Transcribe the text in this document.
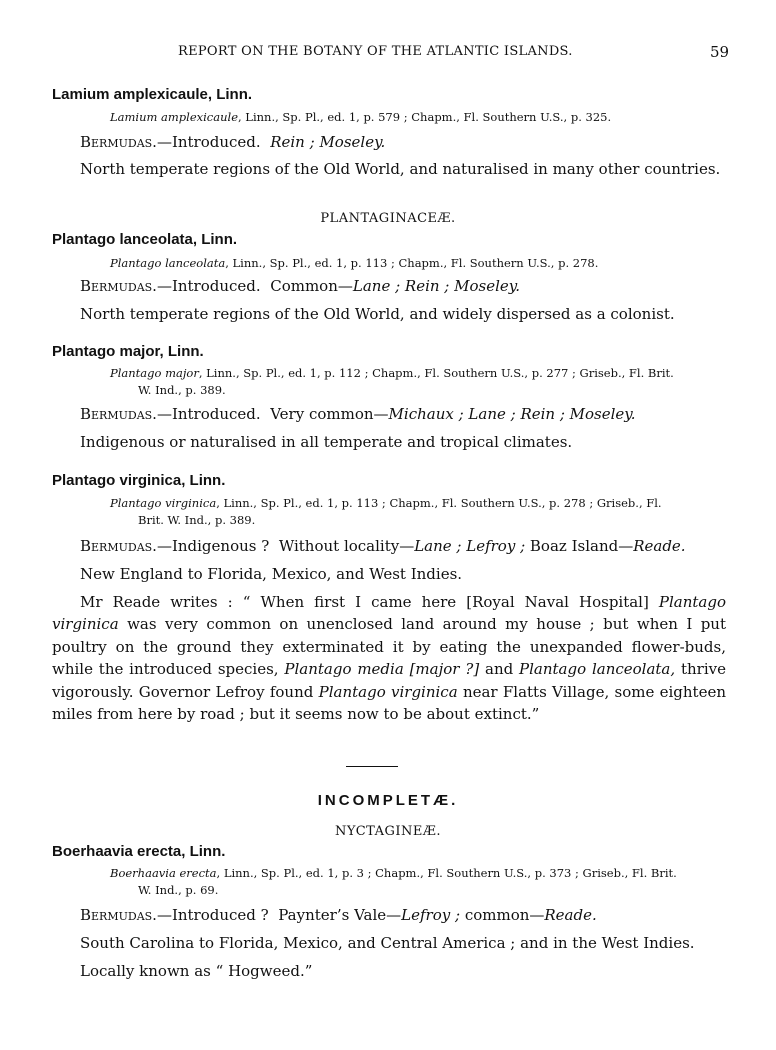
REPORT ON THE BOTANY OF THE ATLANTIC ISLANDS.	59
Lamium amplexicaule, Linn.
Lamium amplexicaule, Linn., Sp. Pl., ed. 1, p. 579 ; Chapm., Fl. Southern U.S., p. 325.
Bermudas.—Introduced. Rein ; Moseley.
North temperate regions of the Old World, and naturalised in many other countries.
PLANTAGINACEÆ.
Plantago lanceolata, Linn.
Plantago lanceolata, Linn., Sp. Pl., ed. 1, p. 113 ; Chapm., Fl. Southern U.S., p. 278.
Bermudas.—Introduced. Common—Lane ; Rein ; Moseley.
North temperate regions of the Old World, and widely dispersed as a colonist.
Plantago major, Linn.
Plantago major, Linn., Sp. Pl., ed. 1, p. 112 ; Chapm., Fl. Southern U.S., p. 277 ; Griseb., Fl. Brit.
W. Ind., p. 389.
Bermudas.—Introduced. Very common—Michaux ; Lane ; Rein ; Moseley.
Indigenous or naturalised in all temperate and tropical climates.
Plantago virginica, Linn.
Plantago virginica, Linn., Sp. Pl., ed. 1, p. 113 ; Chapm., Fl. Southern U.S., p. 278 ; Griseb., Fl.
Brit. W. Ind., p. 389.
Bermudas.—Indigenous ? Without locality—Lane ; Lefroy ; Boaz Island—Reade.
New England to Florida, Mexico, and West Indies.
Mr Reade writes : “ When first I came here [Royal Naval Hospital] Plantago virginica was very common on unenclosed land around my house ; but when I put poultry on the ground they exterminated it by eating the unexpanded flower-buds, while the introduced species, Plantago media [major ?] and Plantago lanceolata, thrive vigorously. Governor Lefroy found Plantago virginica near Flatts Village, some eighteen miles from here by road ; but it seems now to be about extinct.”
INCOMPLETÆ.
NYCTAGINEÆ.
Boerhaavia erecta, Linn.
Boerhaavia erecta, Linn., Sp. Pl., ed. 1, p. 3 ; Chapm., Fl. Southern U.S., p. 373 ; Griseb., Fl. Brit.
W. Ind., p. 69.
Bermudas.—Introduced ? Paynter’s Vale—Lefroy ; common—Reade.
South Carolina to Florida, Mexico, and Central America ; and in the West Indies.
Locally known as “ Hogweed.”
